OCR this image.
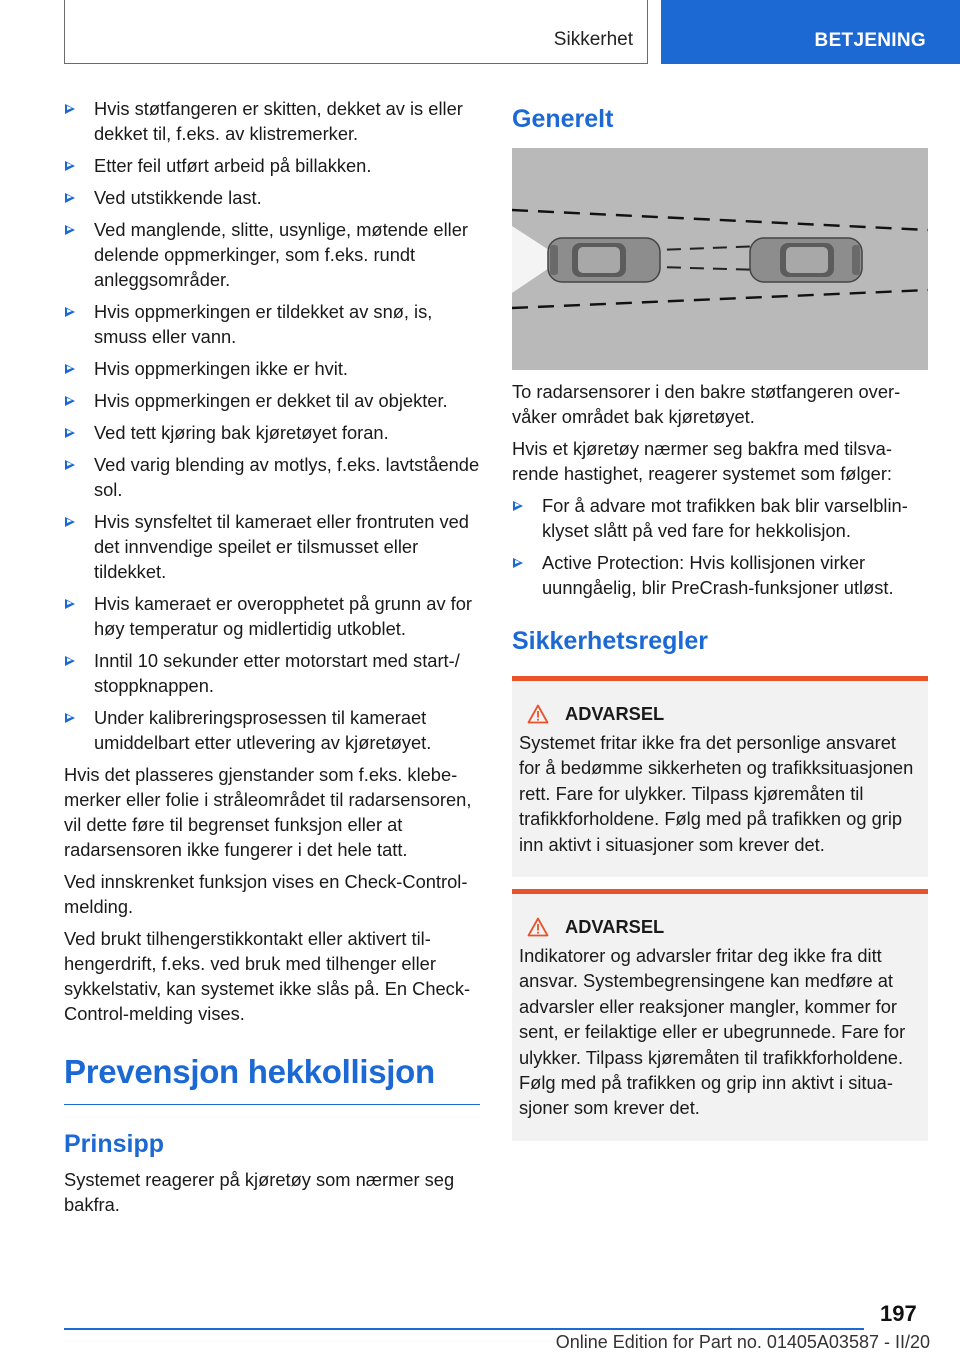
Sikkerhet	BETJENING
Hvis støtfangeren er skitten, dekket av is eller dekket til, f.eks. av klistremerker.
Etter feil utført arbeid på billakken.
Ved utstikkende last.
Ved manglende, slitte, usynlige, møtende eller delende oppmerkinger, som f.eks. rundt anleggsområder.
Hvis oppmerkingen er tildekket av snø, is, smuss eller vann.
Hvis oppmerkingen ikke er hvit.
Hvis oppmerkingen er dekket til av objekter.
Ved tett kjøring bak kjøretøyet foran.
Ved varig blending av motlys, f.eks. lavtstående sol.
Hvis synsfeltet til kameraet eller frontruten ved det innvendige speilet er tilsmusset eller tildekket.
Hvis kameraet er overopphetet på grunn av for høy temperatur og midlertidig utkoblet.
Inntil 10 sekunder etter motorstart med start-/ stoppknappen.
Under kalibreringsprosessen til kameraet umiddelbart etter utlevering av kjøretøyet.

Hvis det plasseres gjenstander som f.eks. klebemerker eller folie i stråleområdet til radarsensoren, vil dette føre til begrenset funksjon eller at radarsensoren ikke fungerer i det hele tatt.

Ved innskrenket funksjon vises en Check-Control-melding.

Ved brukt tilhengerstikkontakt eller aktivert tilhengerdrift, f.eks. ved bruk med tilhenger eller sykkelstativ, kan systemet ikke slås på. En Check-Control-melding vises.

Prevensjon hekkollisjon
Prinsipp

Systemet reagerer på kjøretøy som nærmer seg bakfra.

Generelt

To radarsensorer i den bakre støtfangeren overvåker området bak kjøretøyet.

Hvis et kjøretøy nærmer seg bakfra med tilsvarende hastighet, reagerer systemet som følger:

For å advare mot trafikken bak blir varselblinklyset slått på ved fare for hekkolisjon.
Active Protection: Hvis kollisjonen virker uunngåelig, blir PreCrash-funksjoner utløst.
Sikkerhetsregler
ADVARSEL
Systemet fritar ikke fra det personlige ansvaret for å bedømme sikkerheten og trafikksituasjonen rett. Fare for ulykker. Tilpass kjøremåten til trafikkforholdene. Følg med på trafikken og grip inn aktivt i situasjoner som krever det.
ADVARSEL
Indikatorer og advarsler fritar deg ikke fra ditt ansvar. Systembegrensingene kan medføre at advarsler eller reaksjoner mangler, kommer for sent, er feilaktige eller er ubegrunnede. Fare for ulykker. Tilpass kjøremåten til trafikkforholdene. Følg med på trafikken og grip inn aktivt i situasjoner som krever det.
197
Online Edition for Part no. 01405A03587 - II/20
